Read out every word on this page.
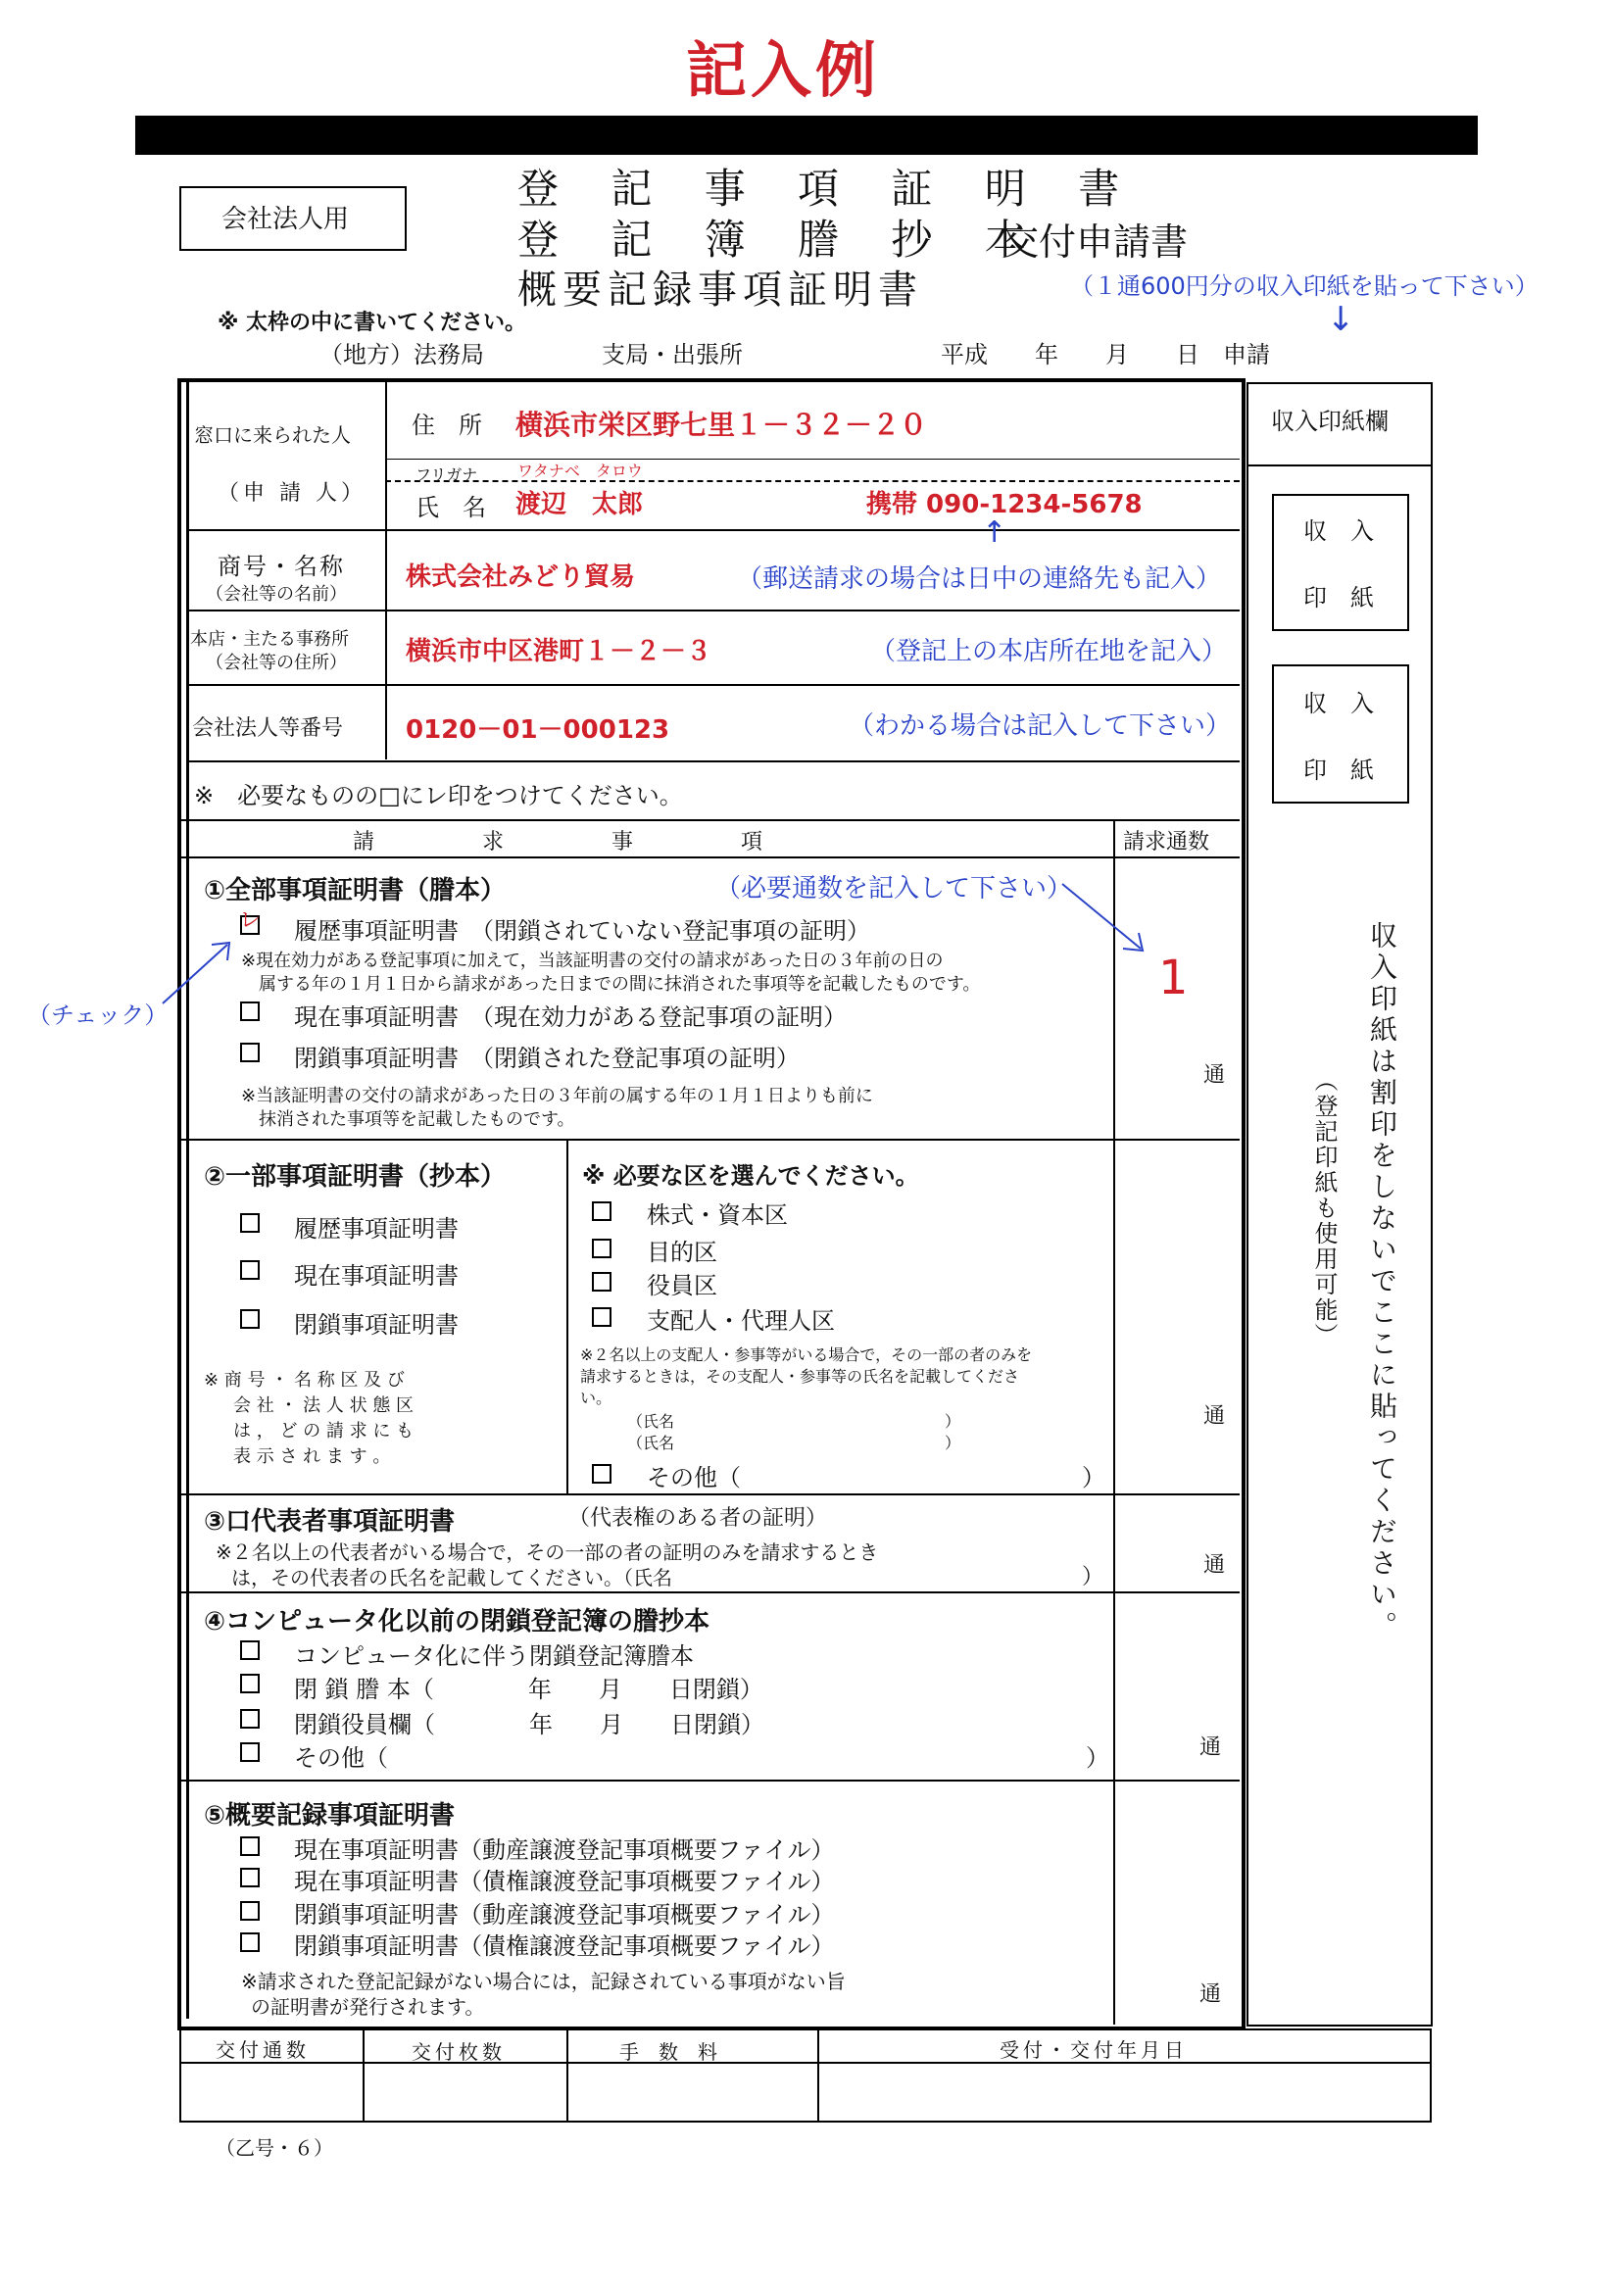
記入例
会社法人用
登 記 事 項 証 明 書
登 記 簿 謄 抄 本
交付申請書
概要記録事項証明書	（１通600円分の収入印紙を貼って下さい）
↓
※ 太枠の中に書いてください。
（地方）法務局　　　　　支局・出張所	平成　　年　　月　　日　申請
収入印紙欄
収　入
印　紙
収　入
印　紙
収入印紙は割印をしないでここに貼ってください。
（登記印紙も使用可能）
窓口に来られた人
（申 請 人）
住　所 横浜市栄区野七里１－３２－２０
フリガナ	ワタナベ　タロウ
氏　名 渡辺　太郎	携帯 090-1234-5678
↑
商号・名称
（会社等の名前）
株式会社みどり貿易	（郵送請求の場合は日中の連絡先も記入）
本店・主たる事務所
（会社等の住所） 横浜市中区港町１－２－３	（登記上の本店所在地を記入）
会社法人等番号 0120－01－000123	（わかる場合は記入して下さい）
※　必要なものの□にレ印をつけてください。
請　　　　　求　　　　　事　　　　　項	請求通数
①全部事項証明書（謄本）	（必要通数を記入して下さい）
1
通
レ 履歴事項証明書　（閉鎖されていない登記事項の証明）
※現在効力がある登記事項に加えて，当該証明書の交付の請求があった日の３年前の日の
属する年の１月１日から請求があった日までの間に抹消された事項等を記載したものです。
（チェック）	現在事項証明書　（現在効力がある登記事項の証明）
閉鎖事項証明書　（閉鎖された登記事項の証明）
※当該証明書の交付の請求があった日の３年前の属する年の１月１日よりも前に
抹消された事項等を記載したものです。
②一部事項証明書（抄本）
履歴事項証明書
現在事項証明書
閉鎖事項証明書
※ 商 号 ・ 名 称 区 及 び
会 社 ・ 法 人 状 態 区
は ， ど の 請 求 に も
表 示 さ れ ま す 。
※ 必要な区を選んでください。
株式・資本区
目的区
役員区
支配人・代理人区
※２名以上の支配人・参事等がいる場合で，その一部の者のみを
請求するときは，その支配人・参事等の氏名を記載してくださ
い。
（氏名	）
（氏名	）
その他（	）
通
③口代表者事項証明書	（代表権のある者の証明）
※２名以上の代表者がいる場合で，その一部の者の証明のみを請求するとき
は，その代表者の氏名を記載してください。（氏名	）	通
④コンピュータ化以前の閉鎖登記簿の謄抄本
コンピュータ化に伴う閉鎖登記簿謄本
閉 鎖 謄 本（　　　　年　　月　　日閉鎖）
閉鎖役員欄（　　　　年　　月　　日閉鎖）
その他（	）	通
⑤概要記録事項証明書
現在事項証明書（動産譲渡登記事項概要ファイル）
現在事項証明書（債権譲渡登記事項概要ファイル）
閉鎖事項証明書（動産譲渡登記事項概要ファイル）
閉鎖事項証明書（債権譲渡登記事項概要ファイル）
※請求された登記記録がない場合には，記録されている事項がない旨
の証明書が発行されます。	通
交付通数	交付枚数	手　数　料	受付・交付年月日
（乙号・６）
